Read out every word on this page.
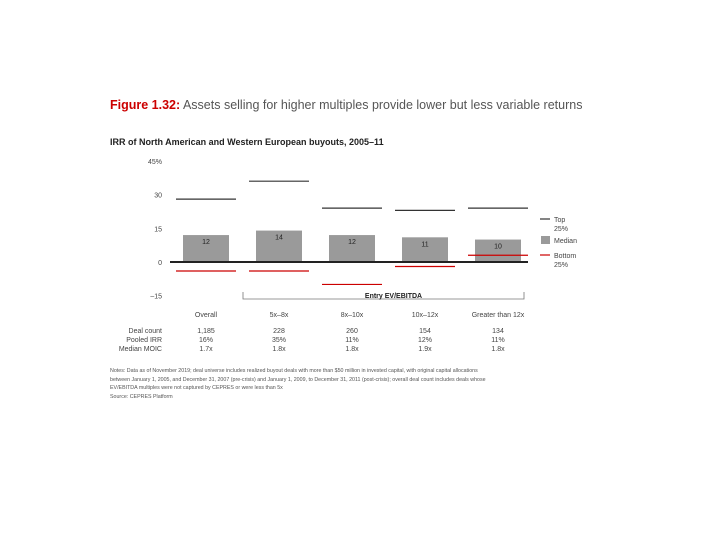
Figure 1.32: Assets selling for higher multiples provide lower but less variable returns
IRR of North American and Western European buyouts, 2005–11
45%
30
15
0
–15
12
14
12	11	10
Entry EV/EBITDA
Overall	5x–8x	8x–10x	10x–12x	Greater than 12x
Deal count	1,185	228	260	154	134
Pooled IRR	16%	35%	11%	12%	11%
Median MOIC	1.7x	1.8x	1.8x	1.9x	1.8x
Top
25%
Median
Bottom
25%
Notes: Data as of November 2019; deal universe includes realized buyout deals with more than $50 million in invested capital, with original capital allocations
between January 1, 2005, and December 31, 2007 (pre-crisis) and January 1, 2009, to December 31, 2011 (post-crisis); overall deal count includes deals whose
EV/EBITDA multiples were not captured by CEPRES or were less than 5x
Source: CEPRES Platform
